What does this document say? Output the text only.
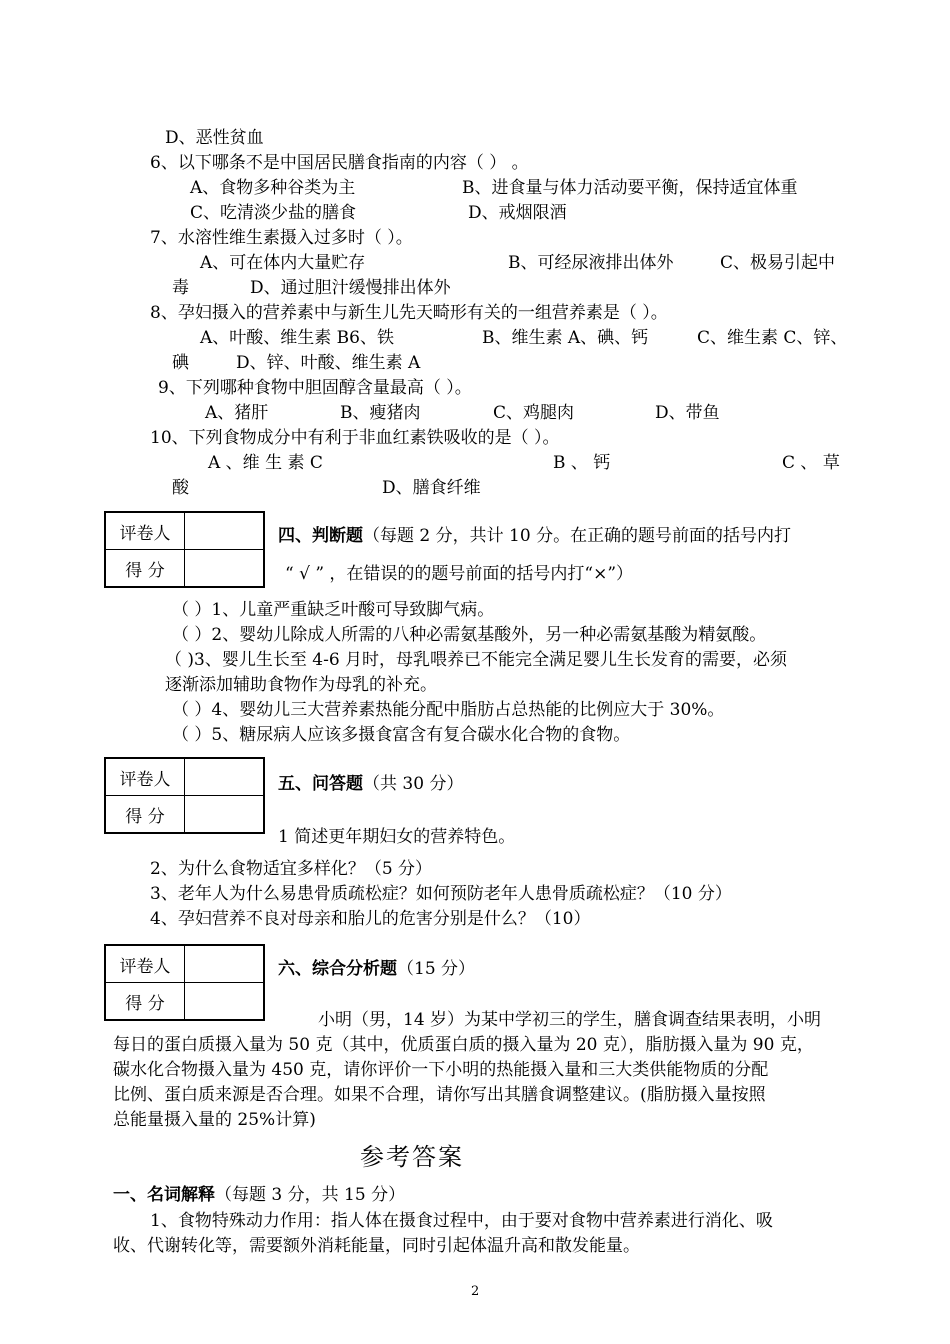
D、恶性贫血
6、以下哪条不是中国居民膳食指南的内容（ ） 。
A、食物多种谷类为主	B、进食量与体力活动要平衡，保持适宜体重
C、吃清淡少盐的膳食	D、戒烟限酒
7、水溶性维生素摄入过多时（ ）。
A、可在体内大量贮存	B、可经尿液排出体外	C、极易引起中
毒	D、通过胆汁缓慢排出体外
8、孕妇摄入的营养素中与新生儿先天畸形有关的一组营养素是（ ）。
A、叶酸、维生素 B6、铁	B、维生素 A、碘、钙	C、维生素 C、锌、
碘	D、锌、叶酸、维生素 A
9、下列哪种食物中胆固醇含量最高（ ）。
A、猪肝	B、瘦猪肉	C、鸡腿肉	D、带鱼
10、下列食物成分中有利于非血红素铁吸收的是（ ）。
A 、维 生 素 C	B 、 钙	C 、 草
酸	D、膳食纤维
评卷人	
得 分	
四、判断题（每题 2 分，共计 10 分。在正确的题号前面的括号内打
“ √ ” ，在错误的的题号前面的括号内打“×”）
（ ）1、儿童严重缺乏叶酸可导致脚气病。
（ ）2、婴幼儿除成人所需的八种必需氨基酸外，另一种必需氨基酸为精氨酸。
（ )3、婴儿生长至 4-6 月时，母乳喂养已不能完全满足婴儿生长发育的需要，必须
逐渐添加辅助食物作为母乳的补充。
（ ）4、婴幼儿三大营养素热能分配中脂肪占总热能的比例应大于 30%。
（ ）5、糖尿病人应该多摄食富含有复合碳水化合物的食物。
评卷人	
得 分	
五、问答题（共 30 分）
1 简述更年期妇女的营养特色。
2、为什么食物适宜多样化？（5 分）
3、老年人为什么易患骨质疏松症？如何预防老年人患骨质疏松症？（10 分）
4、孕妇营养不良对母亲和胎儿的危害分别是什么？（10）
评卷人	
得 分	
六、综合分析题（15 分）
小明（男，14 岁）为某中学初三的学生，膳食调查结果表明，小明
每日的蛋白质摄入量为 50 克（其中，优质蛋白质的摄入量为 20 克），脂肪摄入量为 90 克，
碳水化合物摄入量为 450 克，请你评价一下小明的热能摄入量和三大类供能物质的分配
比例、蛋白质来源是否合理。如果不合理，请你写出其膳食调整建议。(脂肪摄入量按照
总能量摄入量的 25%计算)
参考答案
一、名词解释（每题 3 分，共 15 分）
1、食物特殊动力作用：指人体在摄食过程中，由于要对食物中营养素进行消化、吸
收、代谢转化等，需要额外消耗能量，同时引起体温升高和散发能量。
2
